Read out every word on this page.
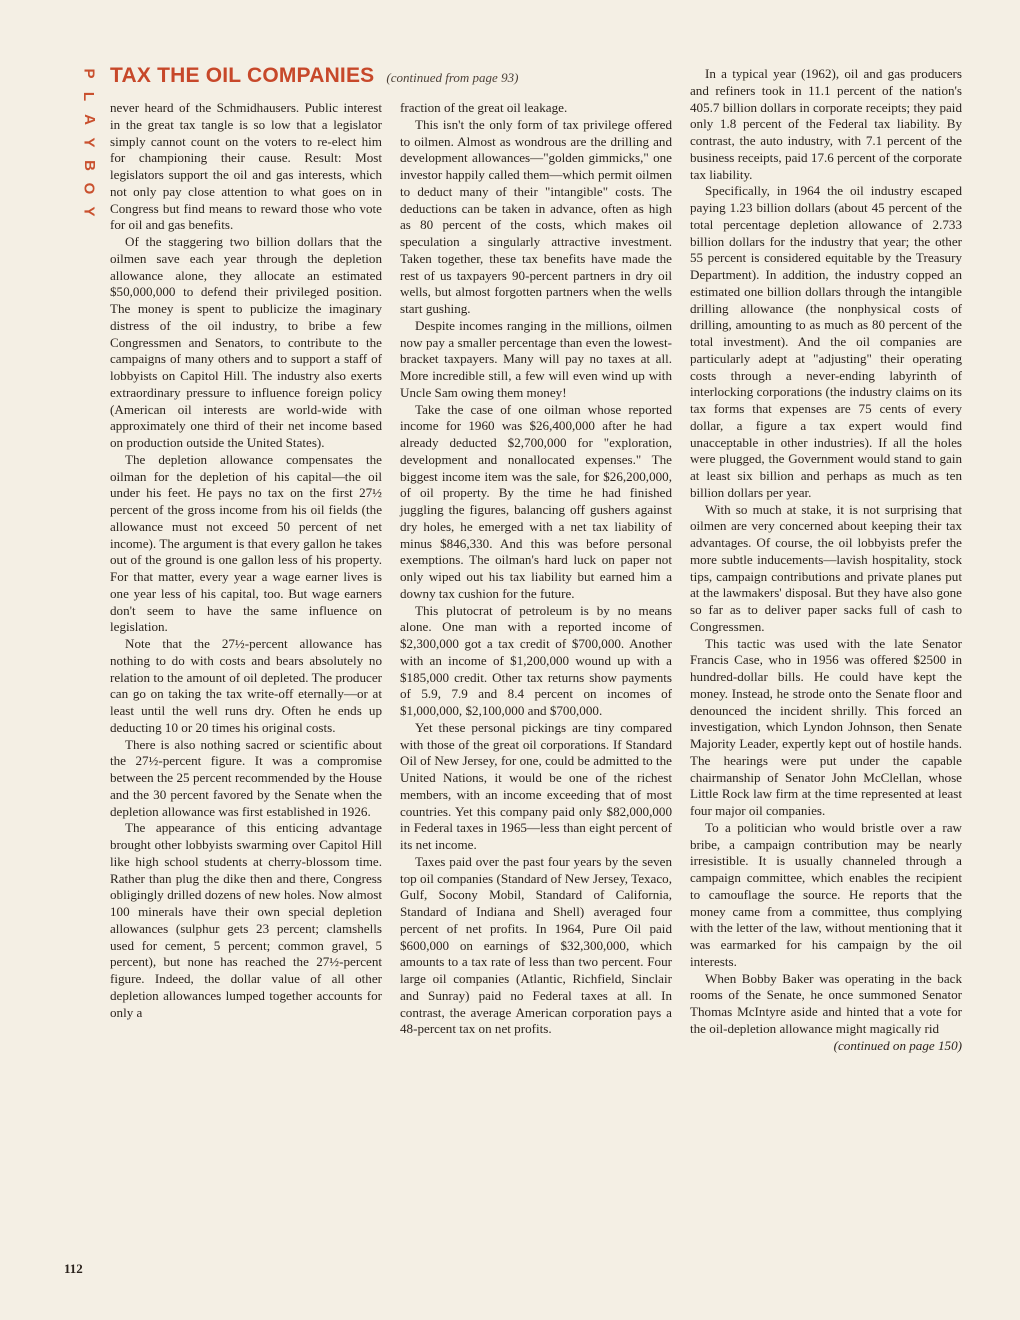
P
L
A
Y
B
O
Y
TAX THE OIL COMPANIES (continued from page 93)

never heard of the Schmidhausers. Public interest in the great tax tangle is so low that a legislator simply cannot count on the voters to re-elect him for championing their cause. Result: Most legislators support the oil and gas interests, which not only pay close attention to what goes on in Congress but find means to reward those who vote for oil and gas benefits.

Of the staggering two billion dollars that the oilmen save each year through the depletion allowance alone, they allocate an estimated $50,000,000 to defend their privileged position. The money is spent to publicize the imaginary distress of the oil industry, to bribe a few Congressmen and Senators, to contribute to the campaigns of many others and to support a staff of lobbyists on Capitol Hill. The industry also exerts extraordinary pressure to influence foreign policy (American oil interests are world-wide with approximately one third of their net income based on production outside the United States).

The depletion allowance compensates the oilman for the depletion of his capital—the oil under his feet. He pays no tax on the first 27½ percent of the gross income from his oil fields (the allowance must not exceed 50 percent of net income). The argument is that every gallon he takes out of the ground is one gallon less of his property. For that matter, every year a wage earner lives is one year less of his capital, too. But wage earners don't seem to have the same influence on legislation.

Note that the 27½-percent allowance has nothing to do with costs and bears absolutely no relation to the amount of oil depleted. The producer can go on taking the tax write-off eternally—or at least until the well runs dry. Often he ends up deducting 10 or 20 times his original costs.

There is also nothing sacred or scientific about the 27½-percent figure. It was a compromise between the 25 percent recommended by the House and the 30 percent favored by the Senate when the depletion allowance was first established in 1926.

The appearance of this enticing advantage brought other lobbyists swarming over Capitol Hill like high school students at cherry-blossom time. Rather than plug the dike then and there, Congress obligingly drilled dozens of new holes. Now almost 100 minerals have their own special depletion allowances (sulphur gets 23 percent; clamshells used for cement, 5 percent; common gravel, 5 percent), but none has reached the 27½-percent figure. Indeed, the dollar value of all other depletion allowances lumped together accounts for only a

fraction of the great oil leakage.

This isn't the only form of tax privilege offered to oilmen. Almost as wondrous are the drilling and development allowances—"golden gimmicks," one investor happily called them—which permit oilmen to deduct many of their "intangible" costs. The deductions can be taken in advance, often as high as 80 percent of the costs, which makes oil speculation a singularly attractive investment. Taken together, these tax benefits have made the rest of us taxpayers 90-percent partners in dry oil wells, but almost forgotten partners when the wells start gushing.

Despite incomes ranging in the millions, oilmen now pay a smaller percentage than even the lowest-bracket taxpayers. Many will pay no taxes at all. More incredible still, a few will even wind up with Uncle Sam owing them money!

Take the case of one oilman whose reported income for 1960 was $26,400,000 after he had already deducted $2,700,000 for "exploration, development and nonallocated expenses." The biggest income item was the sale, for $26,200,000, of oil property. By the time he had finished juggling the figures, balancing off gushers against dry holes, he emerged with a net tax liability of minus $846,330. And this was before personal exemptions. The oilman's hard luck on paper not only wiped out his tax liability but earned him a downy tax cushion for the future.

This plutocrat of petroleum is by no means alone. One man with a reported income of $2,300,000 got a tax credit of $700,000. Another with an income of $1,200,000 wound up with a $185,000 credit. Other tax returns show payments of 5.9, 7.9 and 8.4 percent on incomes of $1,000,000, $2,100,000 and $700,000.

Yet these personal pickings are tiny compared with those of the great oil corporations. If Standard Oil of New Jersey, for one, could be admitted to the United Nations, it would be one of the richest members, with an income exceeding that of most countries. Yet this company paid only $82,000,000 in Federal taxes in 1965—less than eight percent of its net income.

Taxes paid over the past four years by the seven top oil companies (Standard of New Jersey, Texaco, Gulf, Socony Mobil, Standard of California, Standard of Indiana and Shell) averaged four percent of net profits. In 1964, Pure Oil paid $600,000 on earnings of $32,300,000, which amounts to a tax rate of less than two percent. Four large oil companies (Atlantic, Richfield, Sinclair and Sunray) paid no Federal taxes at all. In contrast, the average American corporation pays a 48-percent tax on net profits.

In a typical year (1962), oil and gas producers and refiners took in 11.1 percent of the nation's 405.7 billion dollars in corporate receipts; they paid only 1.8 percent of the Federal tax liability. By contrast, the auto industry, with 7.1 percent of the business receipts, paid 17.6 percent of the corporate tax liability.

Specifically, in 1964 the oil industry escaped paying 1.23 billion dollars (about 45 percent of the total percentage depletion allowance of 2.733 billion dollars for the industry that year; the other 55 percent is considered equitable by the Treasury Department). In addition, the industry copped an estimated one billion dollars through the intangible drilling allowance (the nonphysical costs of drilling, amounting to as much as 80 percent of the total investment). And the oil companies are particularly adept at "adjusting" their operating costs through a never-ending labyrinth of interlocking corporations (the industry claims on its tax forms that expenses are 75 cents of every dollar, a figure a tax expert would find unacceptable in other industries). If all the holes were plugged, the Government would stand to gain at least six billion and perhaps as much as ten billion dollars per year.

With so much at stake, it is not surprising that oilmen are very concerned about keeping their tax advantages. Of course, the oil lobbyists prefer the more subtle inducements—lavish hospitality, stock tips, campaign contributions and private planes put at the lawmakers' disposal. But they have also gone so far as to deliver paper sacks full of cash to Congressmen.

This tactic was used with the late Senator Francis Case, who in 1956 was offered $2500 in hundred-dollar bills. He could have kept the money. Instead, he strode onto the Senate floor and denounced the incident shrilly. This forced an investigation, which Lyndon Johnson, then Senate Majority Leader, expertly kept out of hostile hands. The hearings were put under the capable chairmanship of Senator John McClellan, whose Little Rock law firm at the time represented at least four major oil companies.

To a politician who would bristle over a raw bribe, a campaign contribution may be nearly irresistible. It is usually channeled through a campaign committee, which enables the recipient to camouflage the source. He reports that the money came from a committee, thus complying with the letter of the law, without mentioning that it was earmarked for his campaign by the oil interests.

When Bobby Baker was operating in the back rooms of the Senate, he once summoned Senator Thomas McIntyre aside and hinted that a vote for the oil-depletion allowance might magically rid

(continued on page 150)

112
